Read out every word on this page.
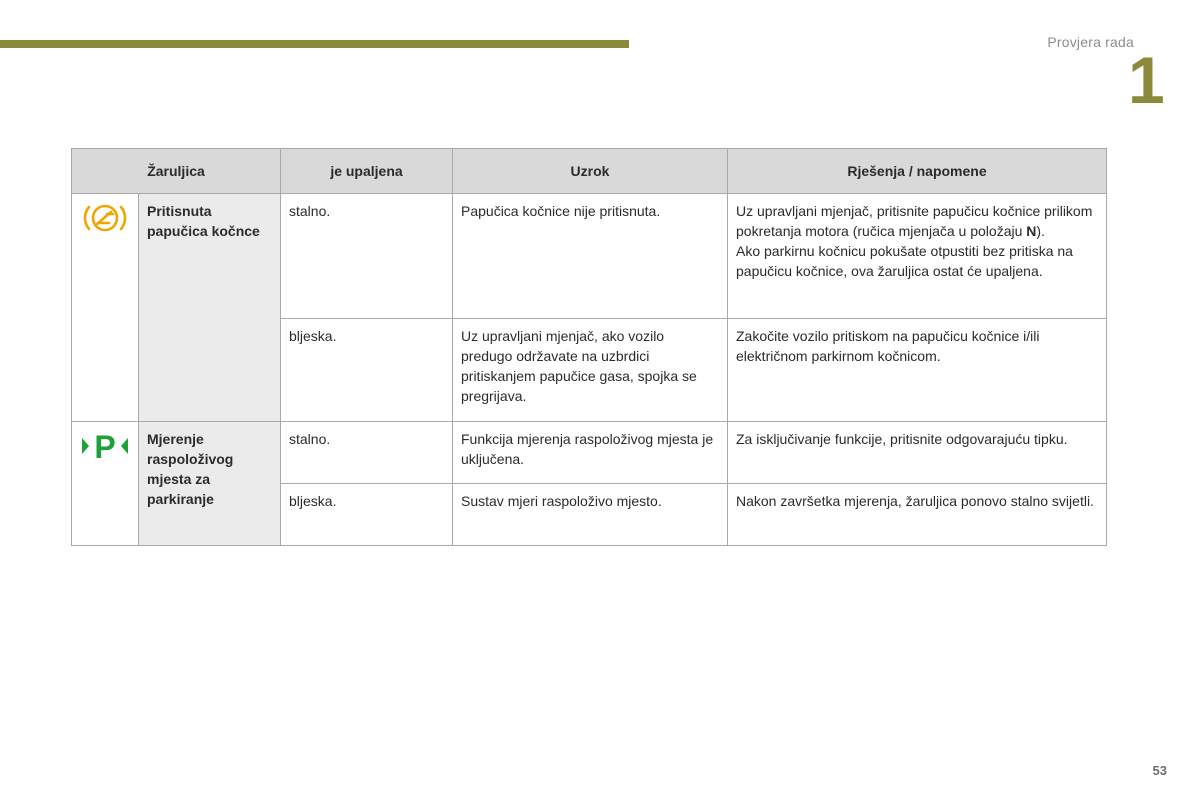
Provjera rada
1
Žaruljica		je upaljena	Uzrok	Rješenja / napomene
	Pritisnuta papučica kočnce	stalno.	Papučica kočnice nije pritisnuta.	Uz upravljani mjenjač, pritisnite papučicu kočnice prilikom pokretanja motora (ručica mjenjača u položaju N).
Ako parkirnu kočnicu pokušate otpustiti bez pritiska na papučicu kočnice, ova žaruljica ostat će upaljena.
		bljeska.	Uz upravljani mjenjač, ako vozilo predugo održavate na uzbrdici pritiskanjem papučice gasa, spojka se pregrijava.	Zakočite vozilo pritiskom na papučicu kočnice i/ili električnom parkirnom kočnicom.

P	Mjerenje raspoloživog mjesta za parkiranje	stalno.	Funkcija mjerenja raspoloživog mjesta je uključena.	Za isključivanje funkcije, pritisnite odgovarajuću tipku.
		bljeska.	Sustav mjeri raspoloživo mjesto.	Nakon završetka mjerenja, žaruljica ponovo stalno svijetli.
53
